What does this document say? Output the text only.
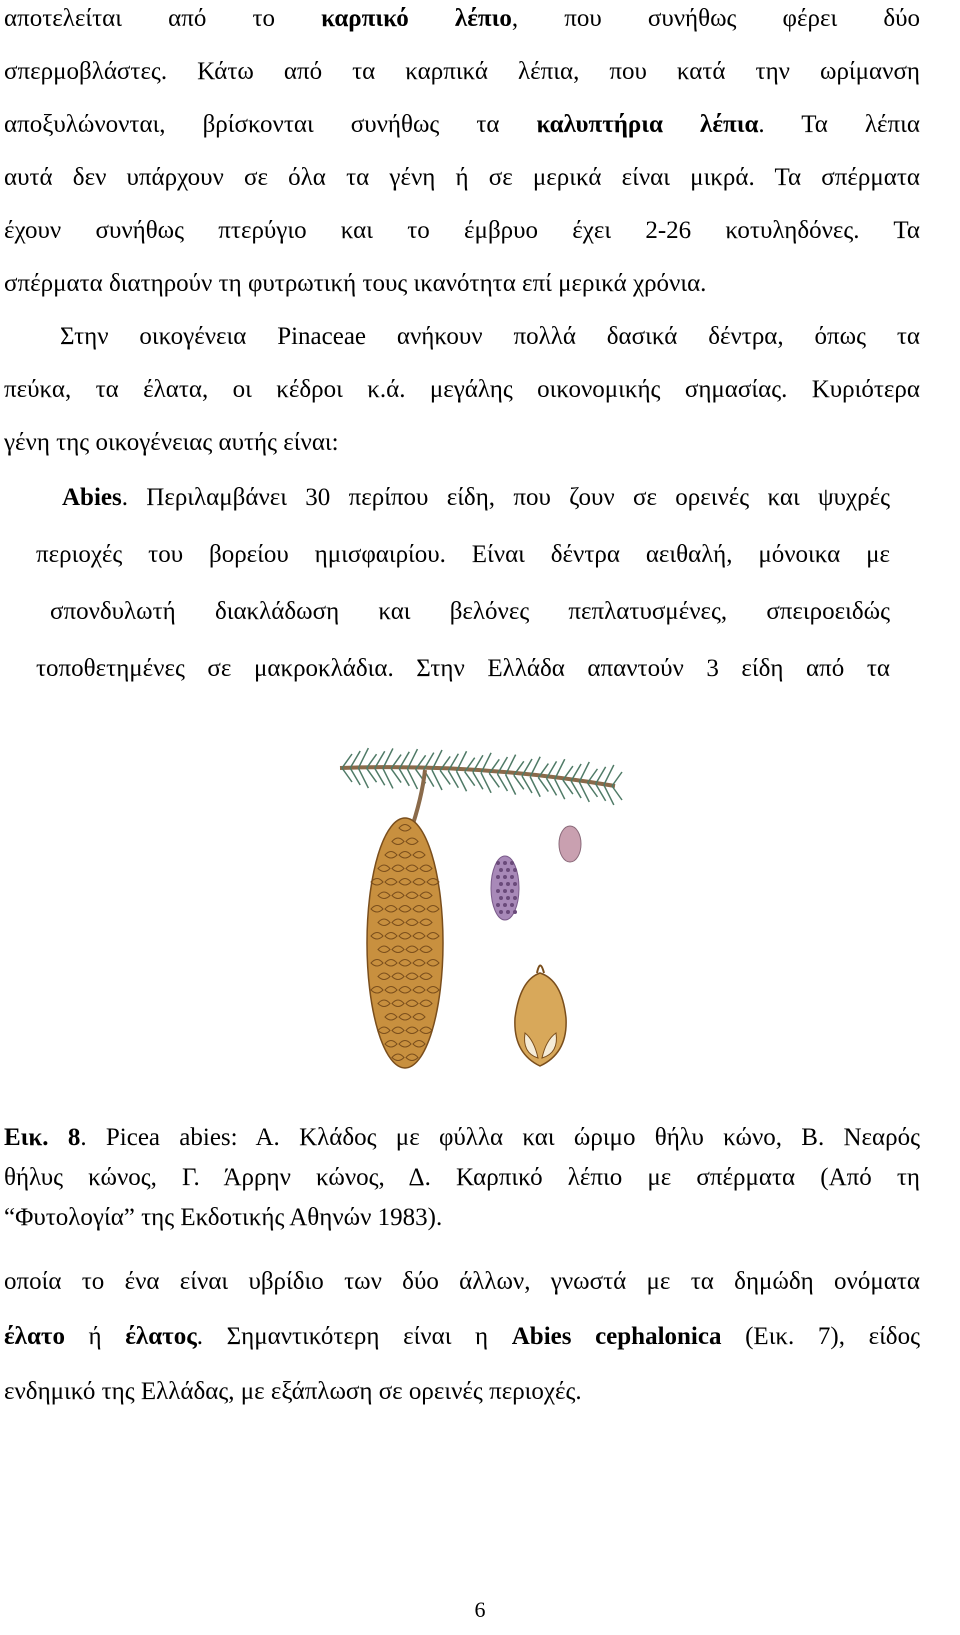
αποτελείται από το καρπικό λέπιο, που συνήθως φέρει δύο
σπερμοβλάστες. Κάτω από τα καρπικά λέπια, που κατά την ωρίμανση
αποξυλώνονται, βρίσκονται συνήθως τα καλυπτήρια λέπια. Τα λέπια
αυτά δεν υπάρχουν σε όλα τα γένη ή σε μερικά είναι μικρά. Τα σπέρματα
έχουν συνήθως πτερύγιο και το έμβρυο έχει 2-26 κοτυληδόνες. Τα
σπέρματα διατηρούν τη φυτρωτική τους ικανότητα επί μερικά χρόνια.
Στην οικογένεια Pinaceae ανήκουν πολλά δασικά δέντρα, όπως τα
πεύκα, τα έλατα, οι κέδροι κ.ά. μεγάλης οικονομικής σημασίας. Κυριότερα
γένη της οικογένειας αυτής είναι:
Abies. Περιλαμβάνει 30 περίπου είδη, που ζουν σε ορεινές και ψυχρές
περιοχές του βορείου ημισφαιρίου. Είναι δέντρα αειθαλή, μόνοικα με
σπονδυλωτή διακλάδωση και βελόνες πεπλατυσμένες, σπειροειδώς
τοποθετημένες σε μακροκλάδια. Στην Ελλάδα απαντούν 3 είδη από τα
Εικ. 8. Picea abies: A. Κλάδος με φύλλα και ώριμο θήλυ κώνο, B. Νεαρός
θήλυς κώνος, Γ. Άρρην κώνος, Δ. Καρπικό λέπιο με σπέρματα (Από τη
“Φυτολογία” της Εκδοτικής Αθηνών 1983).
οποία το ένα είναι υβρίδιο των δύο άλλων, γνωστά με τα δημώδη ονόματα
έλατο ή έλατος. Σημαντικότερη είναι η Abies cephalonica (Εικ. 7), είδος
ενδημικό της Ελλάδας, με εξάπλωση σε ορεινές περιοχές.
6
